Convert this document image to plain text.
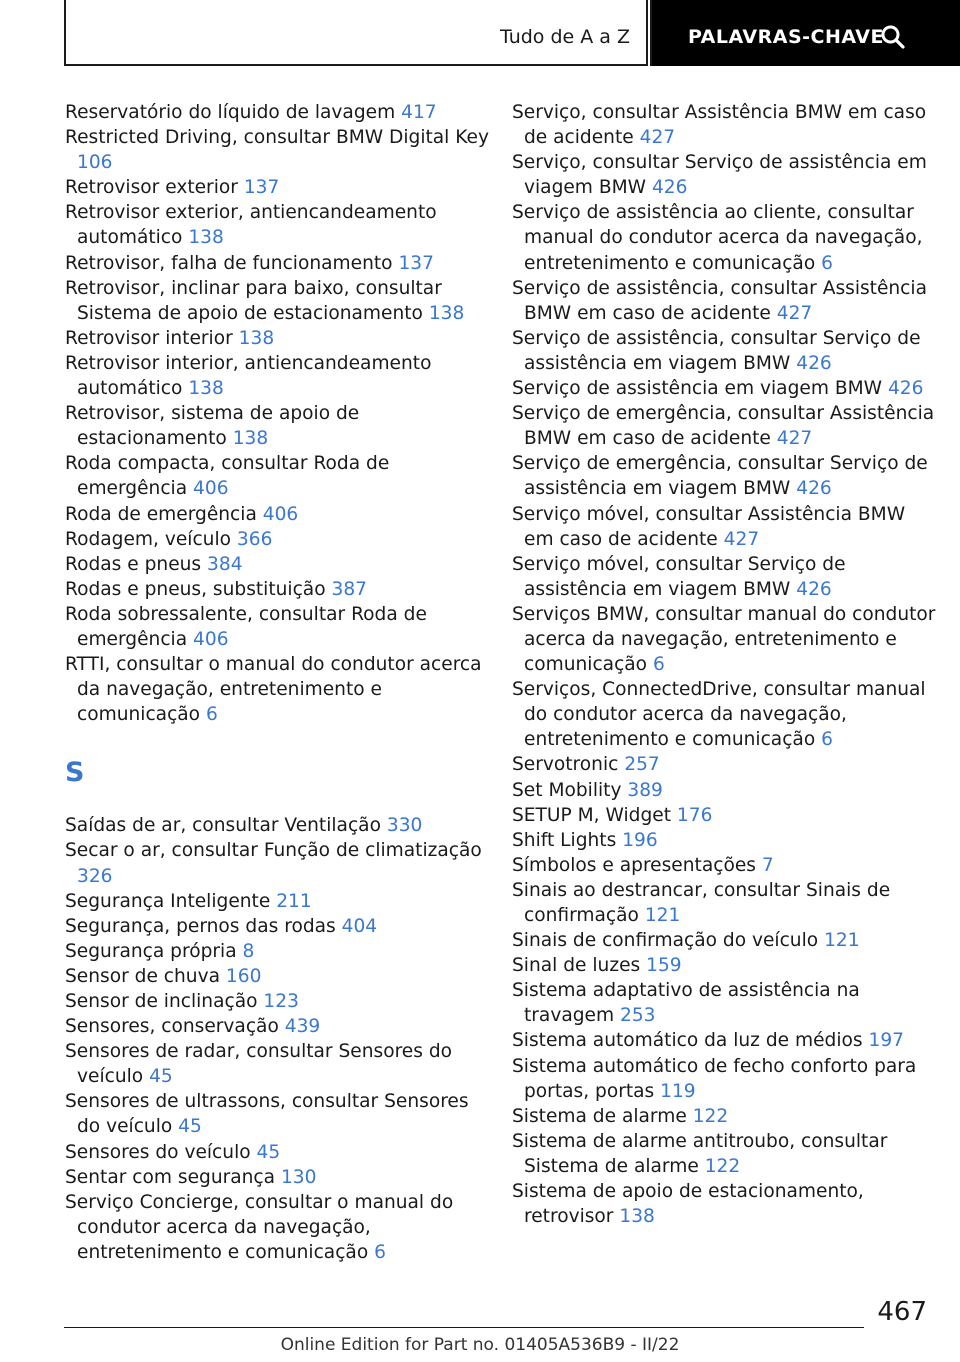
Tudo de A a Z	PALAVRAS-CHAVE
Reservatório do líquido de lavagem 417
Restricted Driving, consultar BMW Digital Key 106
Retrovisor exterior 137
Retrovisor exterior, antiencandeamento automático 138
Retrovisor, falha de funcionamento 137
Retrovisor, inclinar para baixo, consultar Sistema de apoio de estacionamento 138
Retrovisor interior 138
Retrovisor interior, antiencandeamento automático 138
Retrovisor, sistema de apoio de estacionamento 138
Roda compacta, consultar Roda de emergência 406
Roda de emergência 406
Rodagem, veículo 366
Rodas e pneus 384
Rodas e pneus, substituição 387
Roda sobressalente, consultar Roda de emergência 406
RTTI, consultar o manual do condutor acerca da navegação, entretenimento e comunicação 6
S
Saídas de ar, consultar Ventilação 330
Secar o ar, consultar Função de climatização 326
Segurança Inteligente 211
Segurança, pernos das rodas 404
Segurança própria 8
Sensor de chuva 160
Sensor de inclinação 123
Sensores, conservação 439
Sensores de radar, consultar Sensores do veículo 45
Sensores de ultrassons, consultar Sensores do veículo 45
Sensores do veículo 45
Sentar com segurança 130
Serviço Concierge, consultar o manual do condutor acerca da navegação, entretenimento e comunicação 6
Serviço, consultar Assistência BMW em caso de acidente 427
Serviço, consultar Serviço de assistência em viagem BMW 426
Serviço de assistência ao cliente, consultar manual do condutor acerca da navegação, entretenimento e comunicação 6
Serviço de assistência, consultar Assistência BMW em caso de acidente 427
Serviço de assistência, consultar Serviço de assistência em viagem BMW 426
Serviço de assistência em viagem BMW 426
Serviço de emergência, consultar Assistência BMW em caso de acidente 427
Serviço de emergência, consultar Serviço de assistência em viagem BMW 426
Serviço móvel, consultar Assistência BMW em caso de acidente 427
Serviço móvel, consultar Serviço de assistência em viagem BMW 426
Serviços BMW, consultar manual do condutor acerca da navegação, entretenimento e comunicação 6
Serviços, ConnectedDrive, consultar manual do condutor acerca da navegação, entretenimento e comunicação 6
Servotronic 257
Set Mobility 389
SETUP M, Widget 176
Shift Lights 196
Símbolos e apresentações 7
Sinais ao destrancar, consultar Sinais de confirmação 121
Sinais de confirmação do veículo 121
Sinal de luzes 159
Sistema adaptativo de assistência na travagem 253
Sistema automático da luz de médios 197
Sistema automático de fecho conforto para portas, portas 119
Sistema de alarme 122
Sistema de alarme antitroubo, consultar Sistema de alarme 122
Sistema de apoio de estacionamento, retrovisor 138
467
Online Edition for Part no. 01405A536B9 - II/22
